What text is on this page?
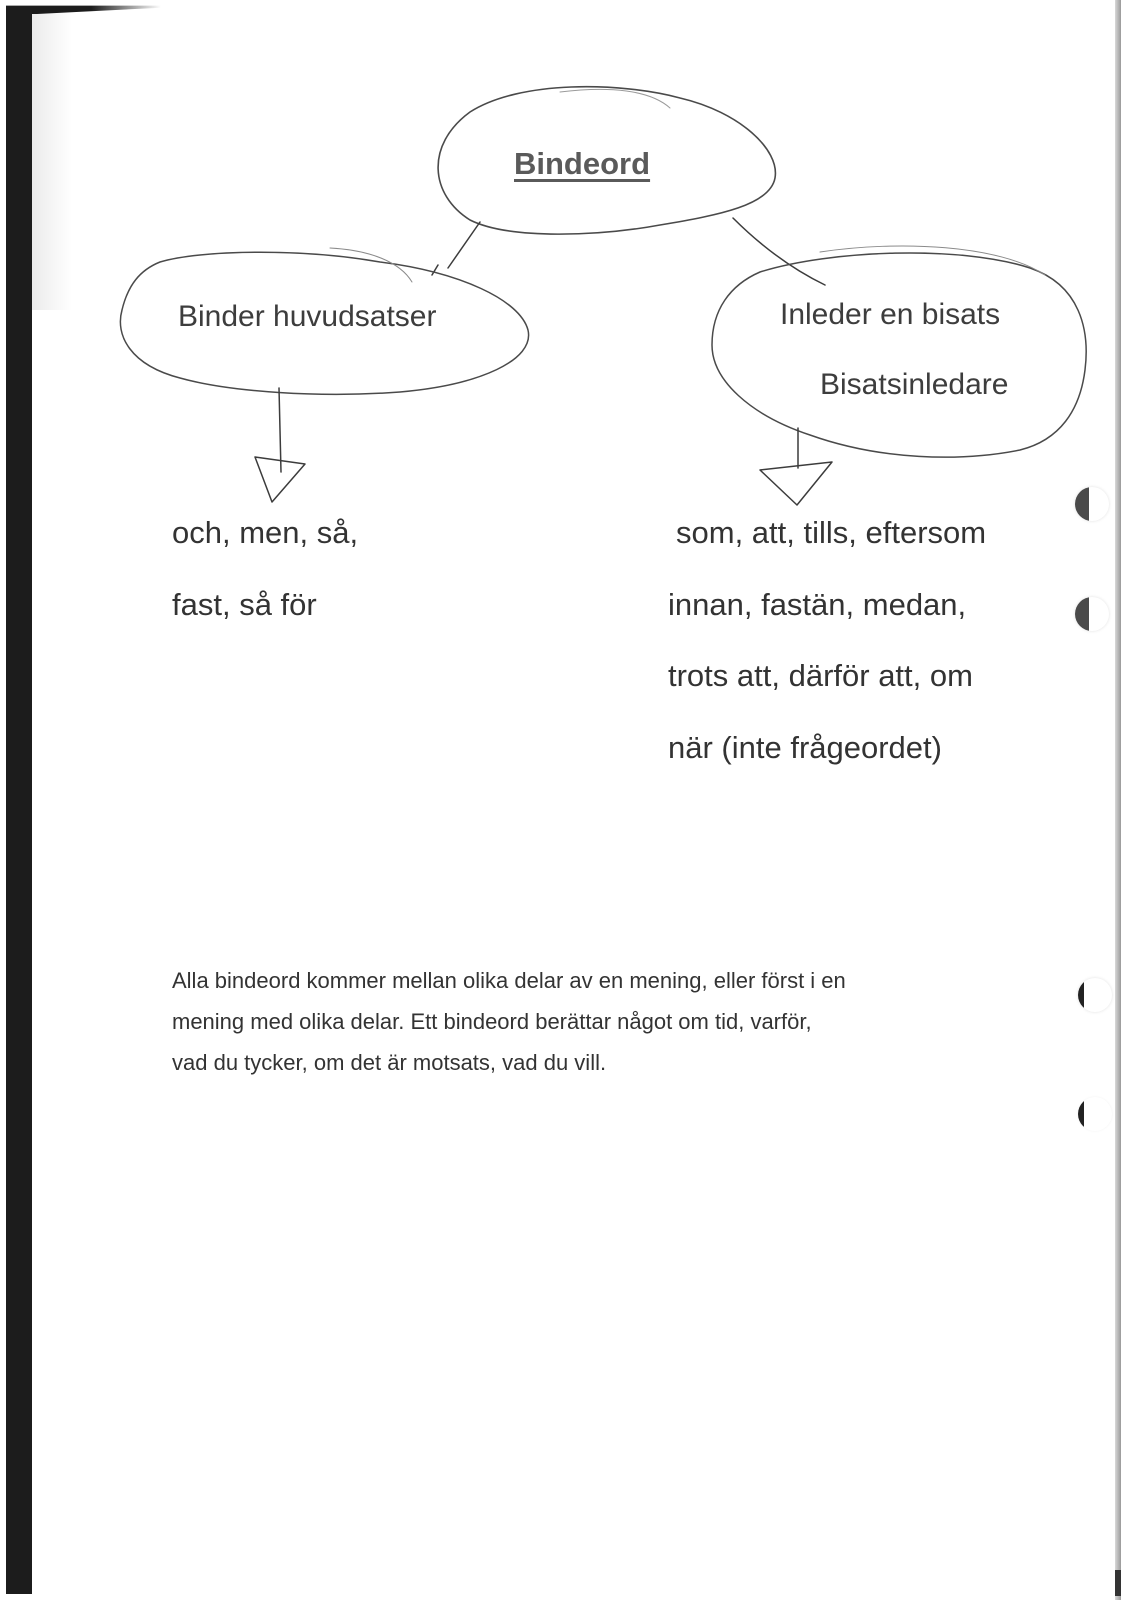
Bindeord
Binder huvudsatser
och, men, så,
fast, så för
Inleder en bisats
Bisatsinledare
som, att, tills, eftersom
innan, fastän, medan,
trots att, därför att, om
när (inte frågeordet)
Alla bindeord kommer mellan olika delar av en mening, eller först i en
mening med olika delar. Ett bindeord berättar något om tid, varför,
vad du tycker, om det är motsats, vad du vill.
